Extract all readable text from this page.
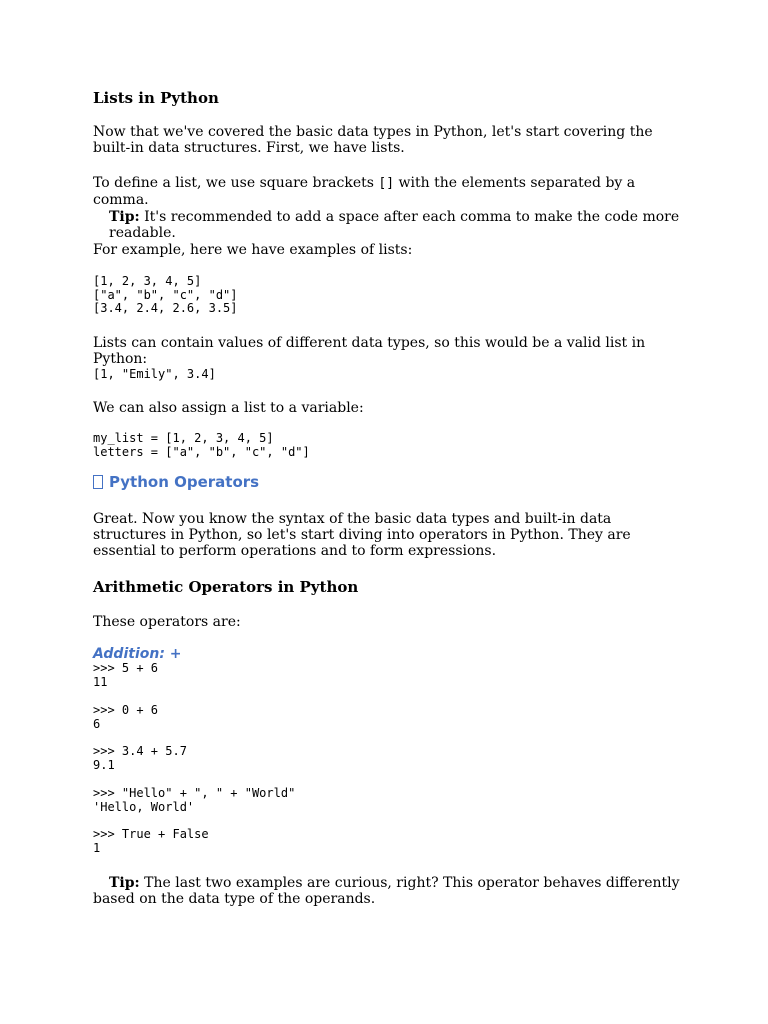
Lists in Python

Now that we've covered the basic data types in Python, let's start covering the built-in data structures. First, we have lists.

To define a list, we use square brackets [] with the elements separated by a comma.

Tip: It's recommended to add a space after each comma to make the code more readable.

For example, here we have examples of lists:

[1, 2, 3, 4, 5]
["a", "b", "c", "d"]
[3.4, 2.4, 2.6, 3.5]

Lists can contain values of different data types, so this would be a valid list in Python:

[1, "Emily", 3.4]

We can also assign a list to a variable:

my_list = [1, 2, 3, 4, 5]
letters = ["a", "b", "c", "d"]
Python Operators

Great. Now you know the syntax of the basic data types and built-in data structures in Python, so let's start diving into operators in Python. They are essential to perform operations and to form expressions.

Arithmetic Operators in Python

These operators are:

Addition: +
>>> 5 + 6
11
>>> 0 + 6
6
>>> 3.4 + 5.7
9.1
>>> "Hello" + ", " + "World"
'Hello, World'
>>> True + False
1

Tip: The last two examples are curious, right? This operator behaves differently based on the data type of the operands.
